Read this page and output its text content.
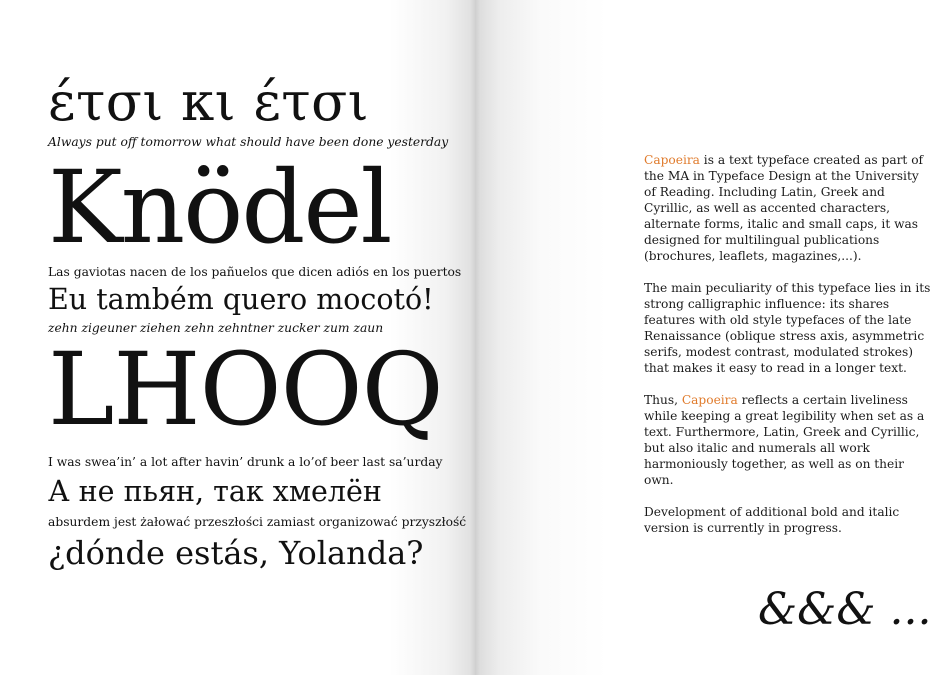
έτσι κι έτσι
Always put off tomorrow what should have been done yesterday
Knödel
Las gaviotas nacen de los pañuelos que dicen adiós en los puertos
Eu também quero mocotó!
zehn zigeuner ziehen zehn zehntner zucker zum zaun
LHOOQ
I was swea’in’ a lot after havin’ drunk a lo’of beer last sa’urday
А не пьян, так хмелён
absurdem jest żałować przeszłości zamiast organizować przyszłość
¿dónde estás, Yolanda?

Capoeira is a text typeface created as part of the MA in Typeface Design at the University of Reading. Including Latin, Greek and Cyrillic, as well as accented characters, alternate forms, italic and small caps, it was designed for multilingual publications (brochures, leaflets, magazines,...).

The main peculiarity of this typeface lies in its strong calligraphic influence: its shares features with old style typefaces of the late Renaissance (oblique stress axis, asymmetric serifs, modest contrast, modulated strokes) that makes it easy to read in a longer text.

Thus, Capoeira reflects a certain liveliness while keeping a great legibility when set as a text. Furthermore, Latin, Greek and Cyrillic, but also italic and numerals all work harmoniously together, as well as on their own.

Development of additional bold and italic version is currently in progress.

&&& ...
